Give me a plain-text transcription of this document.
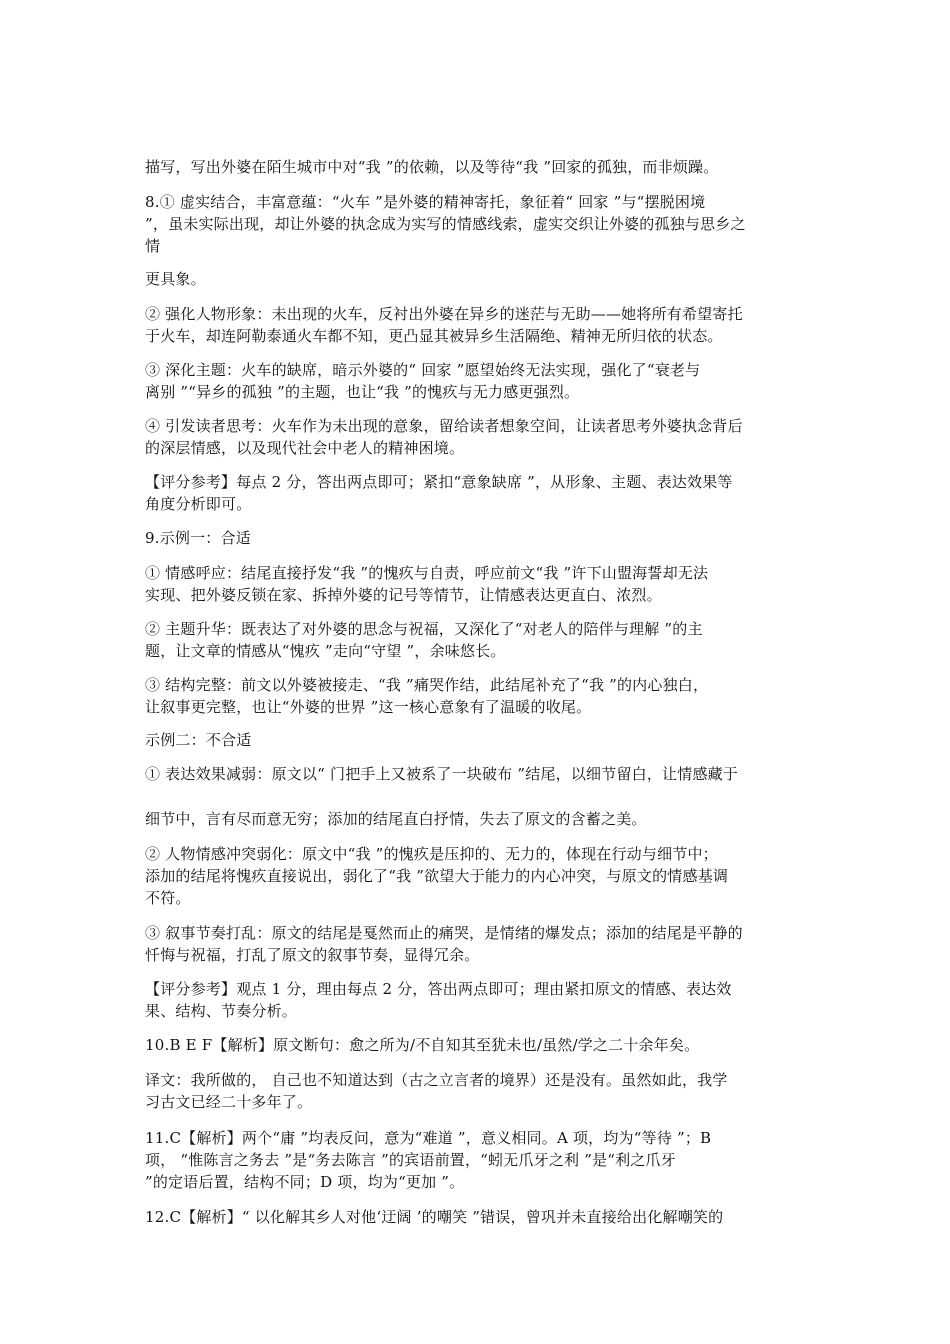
描写，写出外婆在陌生城市中对“我 ”的依赖，以及等待“我 ”回家的孤独，而非烦躁。
8.① 虚实结合，丰富意蕴：“火车 ”是外婆的精神寄托，象征着“ 回家 ”与“摆脱困境
”，虽未实际出现，却让外婆的执念成为实写的情感线索，虚实交织让外婆的孤独与思乡之
情
更具象。
② 强化人物形象：未出现的火车，反衬出外婆在异乡的迷茫与无助——她将所有希望寄托
于火车，却连阿勒泰通火车都不知，更凸显其被异乡生活隔绝、精神无所归依的状态。
③ 深化主题：火车的缺席，暗示外婆的“ 回家 ”愿望始终无法实现，强化了“衰老与
离别 ”“异乡的孤独 ”的主题，也让“我 ”的愧疚与无力感更强烈。
④ 引发读者思考：火车作为未出现的意象，留给读者想象空间，让读者思考外婆执念背后
的深层情感，以及现代社会中老人的精神困境。
【评分参考】每点 2 分，答出两点即可；紧扣“意象缺席 ”，从形象、主题、表达效果等
角度分析即可。
9.示例一：合适
① 情感呼应：结尾直接抒发“我 ”的愧疚与自责，呼应前文“我 ”许下山盟海誓却无法
实现、把外婆反锁在家、拆掉外婆的记号等情节，让情感表达更直白、浓烈。
② 主题升华：既表达了对外婆的思念与祝福，又深化了“对老人的陪伴与理解 ”的主
题，让文章的情感从“愧疚 ”走向“守望 ”，余味悠长。
③ 结构完整：前文以外婆被接走、“我 ”痛哭作结，此结尾补充了“我 ”的内心独白，
让叙事更完整，也让“外婆的世界 ”这一核心意象有了温暖的收尾。
示例二：不合适
① 表达效果减弱：原文以“ 门把手上又被系了一块破布 ”结尾，以细节留白，让情感藏于
细节中，言有尽而意无穷；添加的结尾直白抒情，失去了原文的含蓄之美。
② 人物情感冲突弱化：原文中“我 ”的愧疚是压抑的、无力的，体现在行动与细节中；
添加的结尾将愧疚直接说出，弱化了“我 ”欲望大于能力的内心冲突，与原文的情感基调
不符。
③ 叙事节奏打乱：原文的结尾是戛然而止的痛哭，是情绪的爆发点；添加的结尾是平静的
忏悔与祝福，打乱了原文的叙事节奏，显得冗余。
【评分参考】观点 1 分，理由每点 2 分，答出两点即可；理由紧扣原文的情感、表达效
果、结构、节奏分析。
10.B E F【解析】原文断句：愈之所为/不自知其至犹未也/虽然/学之二十余年矣。
译文：我所做的， 自己也不知道达到（古之立言者的境界）还是没有。虽然如此，我学
习古文已经二十多年了。
11.C【解析】两个“庸 ”均表反问，意为“难道 ”，意义相同。A 项，均为“等待 ”；B
项， “惟陈言之务去 ”是“务去陈言 ”的宾语前置，“蚓无爪牙之利 ”是“利之爪牙
”的定语后置，结构不同；D 项，均为“更加 ”。
12.C【解析】“ 以化解其乡人对他‘迂阔 ’的嘲笑 ”错误，曾巩并未直接给出化解嘲笑的
